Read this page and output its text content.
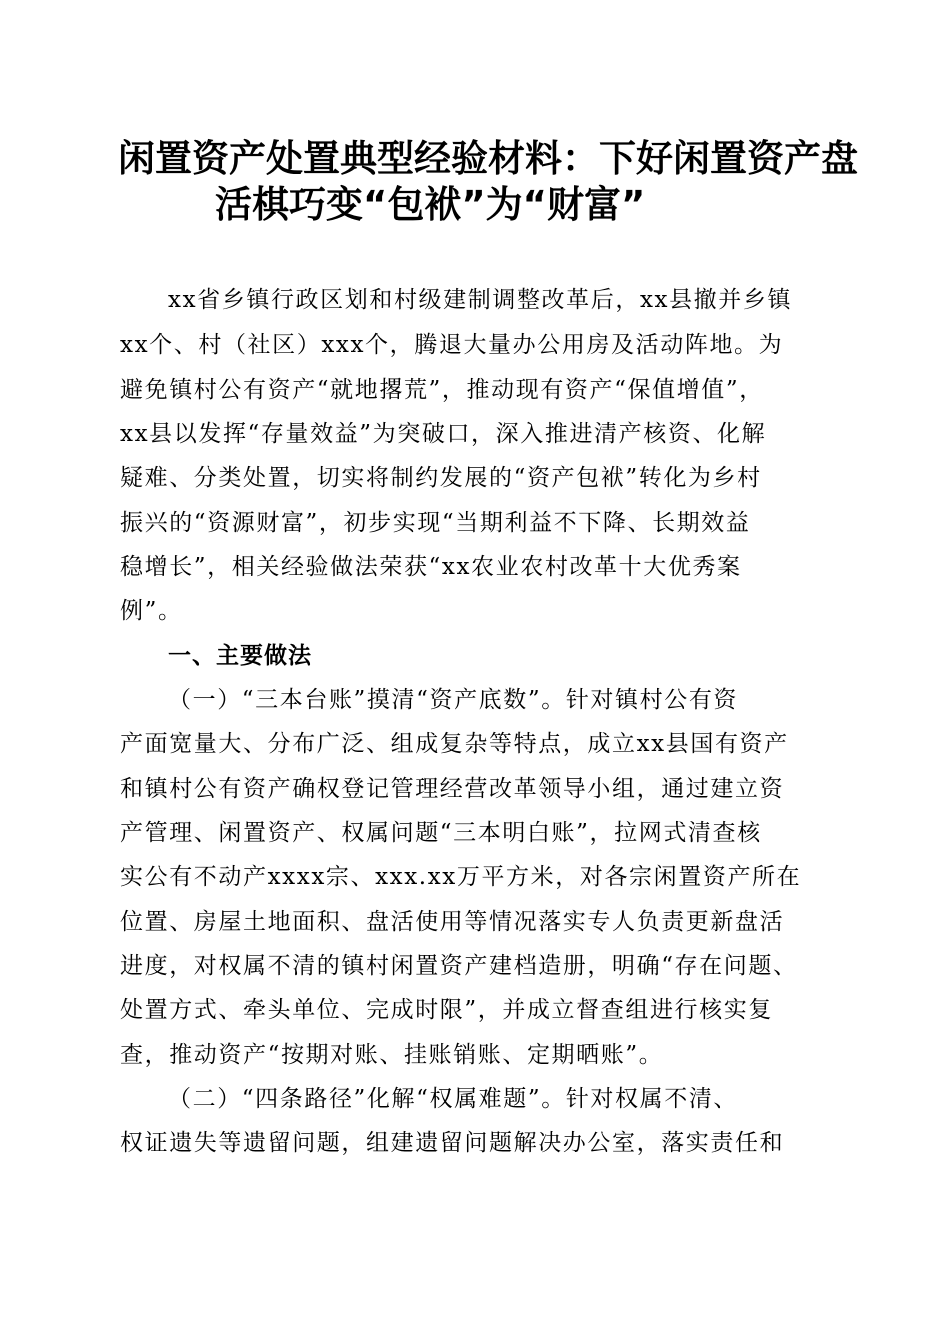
闲置资产处置典型经验材料：下好闲置资产盘
活棋巧变“包袱”为“财富”
xx省乡镇行政区划和村级建制调整改革后，xx县撤并乡镇
xx个、村（社区）xxx个，腾退大量办公用房及活动阵地。为
避免镇村公有资产“就地撂荒”，推动现有资产“保值增值”，
xx县以发挥“存量效益”为突破口，深入推进清产核资、化解
疑难、分类处置，切实将制约发展的“资产包袱”转化为乡村
振兴的“资源财富”，初步实现“当期利益不下降、长期效益
稳增长”，相关经验做法荣获“xx农业农村改革十大优秀案
例”。
一、主要做法
（一）“三本台账”摸清“资产底数”。针对镇村公有资
产面宽量大、分布广泛、组成复杂等特点，成立xx县国有资产
和镇村公有资产确权登记管理经营改革领导小组，通过建立资
产管理、闲置资产、权属问题“三本明白账”，拉网式清查核
实公有不动产xxxx宗、xxx.xx万平方米，对各宗闲置资产所在
位置、房屋土地面积、盘活使用等情况落实专人负责更新盘活
进度，对权属不清的镇村闲置资产建档造册，明确“存在问题、
处置方式、牵头单位、完成时限”，并成立督查组进行核实复
查，推动资产“按期对账、挂账销账、定期晒账”。
（二）“四条路径”化解“权属难题”。针对权属不清、
权证遗失等遗留问题，组建遗留问题解决办公室，落实责任和
